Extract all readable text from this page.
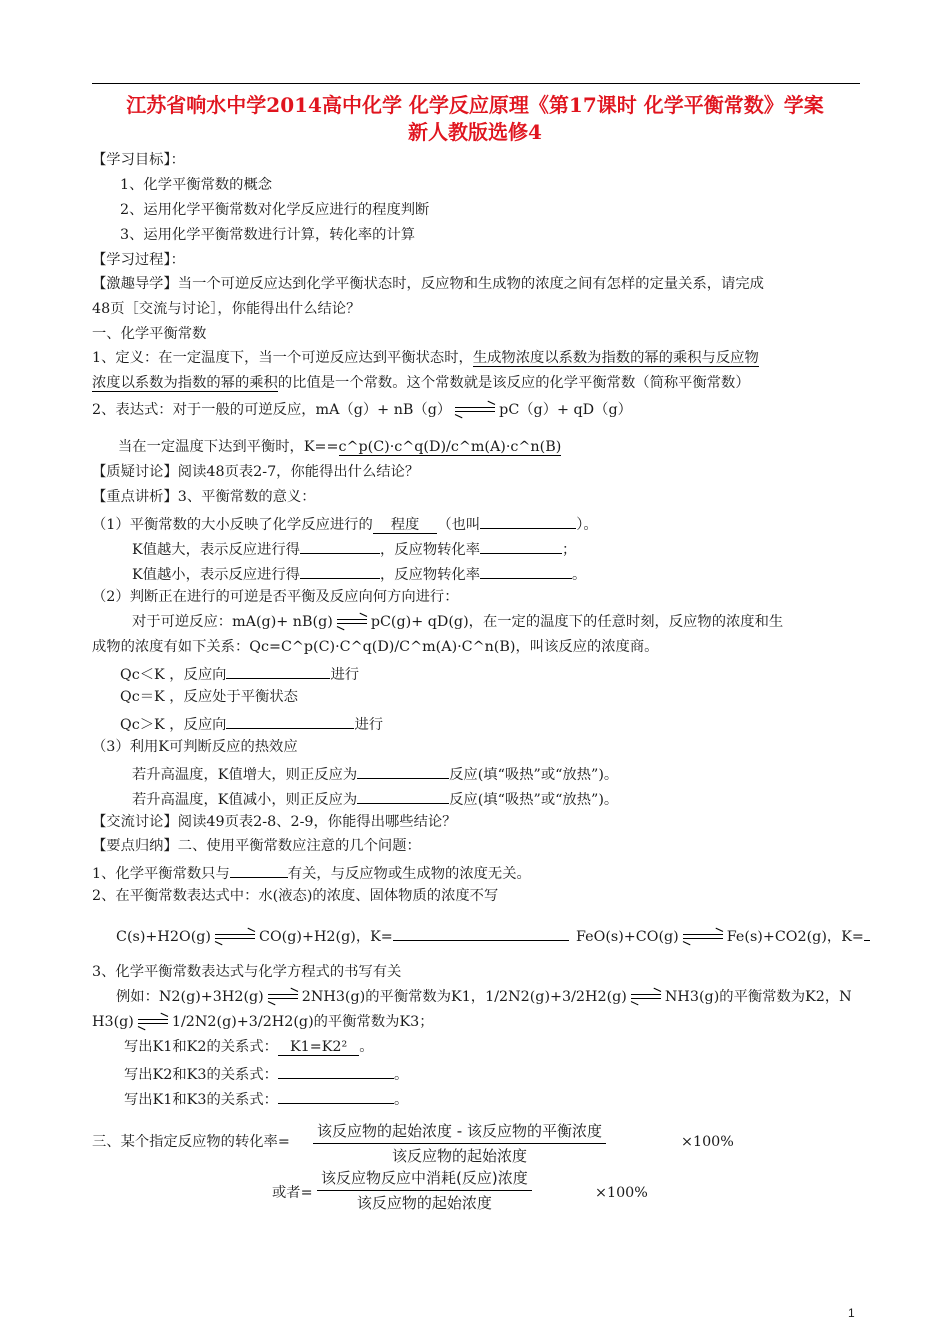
江苏省响水中学2014高中化学 化学反应原理《第17课时 化学平衡常数》学案
新人教版选修4
【学习目标】：
1、化学平衡常数的概念
2、运用化学平衡常数对化学反应进行的程度判断
3、运用化学平衡常数进行计算，转化率的计算
【学习过程】：
【激趣导学】当一个可逆反应达到化学平衡状态时，反应物和生成物的浓度之间有怎样的定量关系，请完成
48页［交流与讨论］，你能得出什么结论？
一、化学平衡常数
1、定义：在一定温度下，当一个可逆反应达到平衡状态时，生成物浓度以系数为指数的幂的乘积与反应物
浓度以系数为指数的幂的乘积的比值是一个常数。这个常数就是该反应的化学平衡常数（简称平衡常数）
2、表达式：对于一般的可逆反应，mA（g）+ nB（g）	pC（g）+ qD（g）
当在一定温度下达到平衡时，K==c^p(C)·c^q(D)/c^m(A)·c^n(B)
【质疑讨论】阅读48页表2-7，你能得出什么结论？
【重点讲析】3、平衡常数的意义：
（1）平衡常数的大小反映了化学反应进行的 程度 （也叫	）。
K值越大，表示反应进行得	，反应物转化率	；
K值越小，表示反应进行得	，反应物转化率	。
（2）判断正在进行的可逆是否平衡及反应向何方向进行：
对于可逆反应：mA(g)+ nB(g)	pC(g)+ qD(g)，在一定的温度下的任意时刻，反应物的浓度和生
成物的浓度有如下关系：Qc=C^p(C)·C^q(D)/C^m(A)·C^n(B)，叫该反应的浓度商。
Qc＜K ，反应向	进行
Qc＝K ，反应处于平衡状态
Qc＞K ，反应向	进行
（3）利用K可判断反应的热效应
若升高温度，K值增大，则正反应为	反应(填“吸热”或“放热”)。
若升高温度，K值减小，则正反应为	反应(填“吸热”或“放热”)。
【交流讨论】阅读49页表2-8、2-9，你能得出哪些结论？
【要点归纳】二、使用平衡常数应注意的几个问题：
1、化学平衡常数只与	有关，与反应物或生成物的浓度无关。
2、在平衡常数表达式中：水(液态)的浓度、固体物质的浓度不写
C(s)+H2O(g)	CO(g)+H2(g)，K=	FeO(s)+CO(g)	Fe(s)+CO2(g)，K=
3、化学平衡常数表达式与化学方程式的书写有关
例如：N2(g)+3H2(g)	2NH3(g)的平衡常数为K1，1/2N2(g)+3/2H2(g)	NH3(g)的平衡常数为K2，N
H3(g)	1/2N2(g)+3/2H2(g)的平衡常数为K3；
写出K1和K2的关系式： K1=K2² 。
写出K2和K3的关系式：	。
写出K1和K3的关系式：	。
三、某个指定反应物的转化率=
该反应物的起始浓度 - 该反应物的平衡浓度
该反应物的起始浓度
×100%
或者=
该反应物反应中消耗(反应)浓度
该反应物的起始浓度
×100%
1
